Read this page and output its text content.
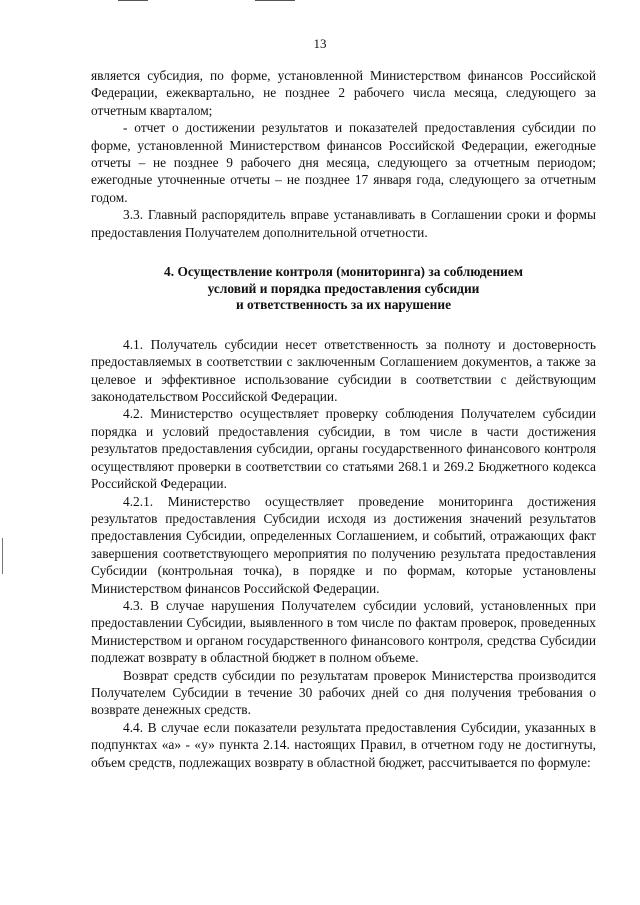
13

является субсидия, по форме, установленной Министерством финансов Российской Федерации, ежеквартально, не позднее 2 рабочего числа месяца, следующего за отчетным кварталом;

- отчет о достижении результатов и показателей предоставления субсидии по форме, установленной Министерством финансов Российской Федерации, ежегодные отчеты – не позднее 9 рабочего дня месяца, следующего за отчетным периодом; ежегодные уточненные отчеты – не позднее 17 января года, следующего за отчетным годом.

3.3. Главный распорядитель вправе устанавливать в Соглашении сроки и формы предоставления Получателем дополнительной отчетности.

4. Осуществление контроля (мониторинга) за соблюдением
условий и порядка предоставления субсидии
и ответственность за их нарушение

4.1. Получатель субсидии несет ответственность за полноту и достоверность предоставляемых в соответствии с заключенным Соглашением документов, а также за целевое и эффективное использование субсидии в соответствии с действующим законодательством Российской Федерации.

4.2. Министерство осуществляет проверку соблюдения Получателем субсидии порядка и условий предоставления субсидии, в том числе в части достижения результатов предоставления субсидии, органы государственного финансового контроля осуществляют проверки в соответствии со статьями 268.1 и 269.2 Бюджетного кодекса Российской Федерации.

4.2.1. Министерство осуществляет проведение мониторинга достижения результатов предоставления Субсидии исходя из достижения значений результатов предоставления Субсидии, определенных Соглашением, и событий, отражающих факт завершения соответствующего мероприятия по получению результата предоставления Субсидии (контрольная точка), в порядке и по формам, которые установлены Министерством финансов Российской Федерации.

4.3. В случае нарушения Получателем субсидии условий, установленных при предоставлении Субсидии, выявленного в том числе по фактам проверок, проведенных Министерством и органом государственного финансового контроля, средства Субсидии подлежат возврату в областной бюджет в полном объеме.

Возврат средств субсидии по результатам проверок Министерства производится Получателем Субсидии в течение 30 рабочих дней со дня получения требования о возврате денежных средств.

4.4. В случае если показатели результата предоставления Субсидии, указанных в подпунктах «а» - «у» пункта 2.14. настоящих Правил, в отчетном году не достигнуты, объем средств, подлежащих возврату в областной бюджет, рассчитывается по формуле:
